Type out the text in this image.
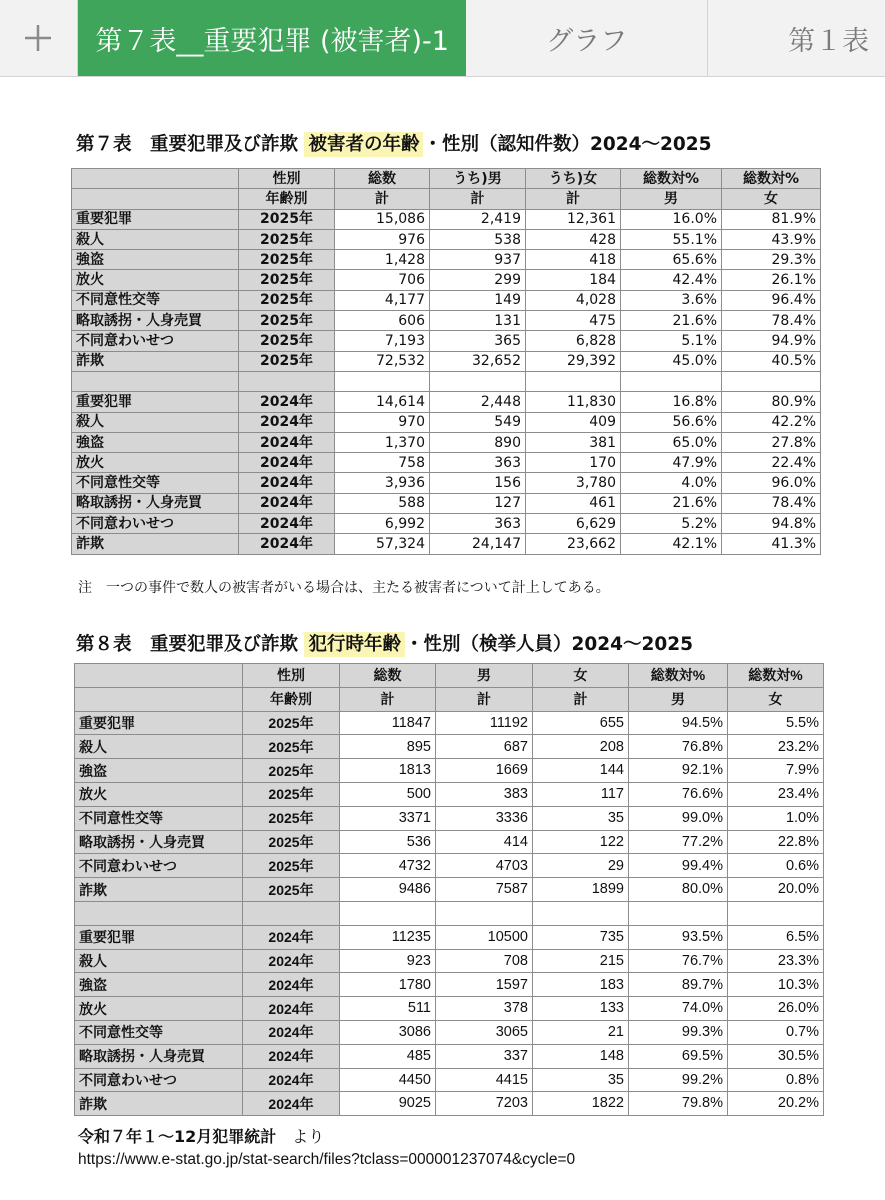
第７表__重要犯罪 (被害者)-1	グラフ	第１表
第７表　重要犯罪及び詐欺 被害者の年齢 ・性別（認知件数）2024～2025
	性別	総数	うち)男	うち)女	総数対%	総数対%
	年齢別	計	計	計	男	女
重要犯罪	2025年	15,086	2,419	12,361	16.0%	81.9%
殺人	2025年	976	538	428	55.1%	43.9%
強盗	2025年	1,428	937	418	65.6%	29.3%
放火	2025年	706	299	184	42.4%	26.1%
不同意性交等	2025年	4,177	149	4,028	3.6%	96.4%
略取誘拐・人身売買	2025年	606	131	475	21.6%	78.4%
不同意わいせつ	2025年	7,193	365	6,828	5.1%	94.9%
詐欺	2025年	72,532	32,652	29,392	45.0%	40.5%

重要犯罪	2024年	14,614	2,448	11,830	16.8%	80.9%
殺人	2024年	970	549	409	56.6%	42.2%
強盗	2024年	1,370	890	381	65.0%	27.8%
放火	2024年	758	363	170	47.9%	22.4%
不同意性交等	2024年	3,936	156	3,780	4.0%	96.0%
略取誘拐・人身売買	2024年	588	127	461	21.6%	78.4%
不同意わいせつ	2024年	6,992	363	6,629	5.2%	94.8%
詐欺	2024年	57,324	24,147	23,662	42.1%	41.3%
注　一つの事件で数人の被害者がいる場合は、主たる被害者について計上してある。
第８表　重要犯罪及び詐欺 犯行時年齢 ・性別（検挙人員）2024～2025
	性別	総数	男	女	総数対%	総数対%
	年齢別	計	計	計	男	女
重要犯罪	2025年	11847	11192	655	94.5%	5.5%
殺人	2025年	895	687	208	76.8%	23.2%
強盗	2025年	1813	1669	144	92.1%	7.9%
放火	2025年	500	383	117	76.6%	23.4%
不同意性交等	2025年	3371	3336	35	99.0%	1.0%
略取誘拐・人身売買	2025年	536	414	122	77.2%	22.8%
不同意わいせつ	2025年	4732	4703	29	99.4%	0.6%
詐欺	2025年	9486	7587	1899	80.0%	20.0%

重要犯罪	2024年	11235	10500	735	93.5%	6.5%
殺人	2024年	923	708	215	76.7%	23.3%
強盗	2024年	1780	1597	183	89.7%	10.3%
放火	2024年	511	378	133	74.0%	26.0%
不同意性交等	2024年	3086	3065	21	99.3%	0.7%
略取誘拐・人身売買	2024年	485	337	148	69.5%	30.5%
不同意わいせつ	2024年	4450	4415	35	99.2%	0.8%
詐欺	2024年	9025	7203	1822	79.8%	20.2%
令和７年１～12月犯罪統計　より
https://www.e-stat.go.jp/stat-search/files?tclass=000001237074&cycle=0
